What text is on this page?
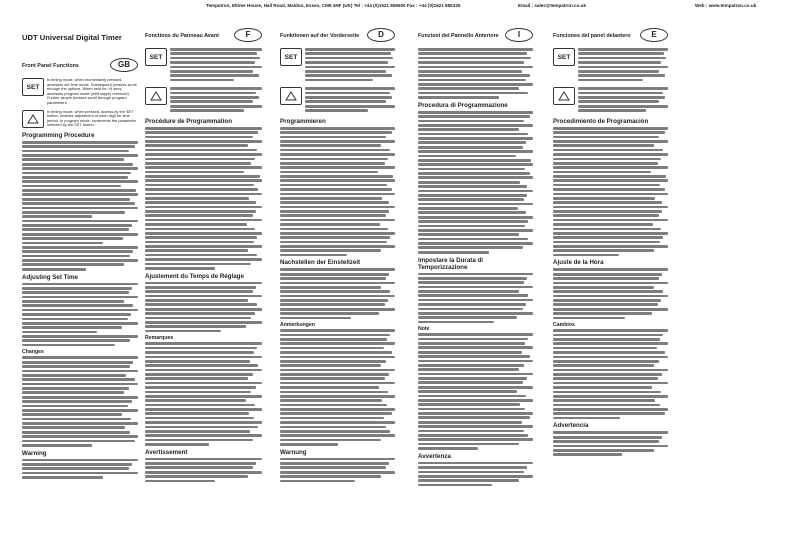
Tempatron, Eltime House, Hall Road, Maldon, Essex, CM9 4NF (UK) Tel : +44 (0)1621 859500 Fax : +44 (0)1621 855335	Email : sales@tempatron.co.uk	Web : www.tempatron.co.uk
UDT Universal Digital Timer
Front Panel Functions	GB
SET
In timing mode, when momentarily pressed, accesses set time mode. Subsequent presses scroll through the options. When held for >5 secs, accesses program mode (with supply removed). Further simple presses scroll through program parameters.
In timing mode, when pressed, access by the SET button, enables adjustment of each digit for time period. In program mode, increments the parameter selected by the SET button.
Programming Procedure
Adjusting Set Time
Changes
Warning
Fonctions du Panneau Avant	F
SET
Procédure de Programmation
Ajustement du Temps de Réglage
Remarques
Avertissement
Funktionen auf der Vorderseite	D
SET
Programmieren
Nachstellen der Einstellzeit
Anmerkungen
Warnung
Funzioni del Pannello Anteriore	I
Procedura di Programmazione
Impostare la Durata di Temporizzazione
Note
Avvertenza
Funciones del panel delantero	E
SET
Procedimiento de Programación
Ajuste de la Hora
Cambios
Advertencia
